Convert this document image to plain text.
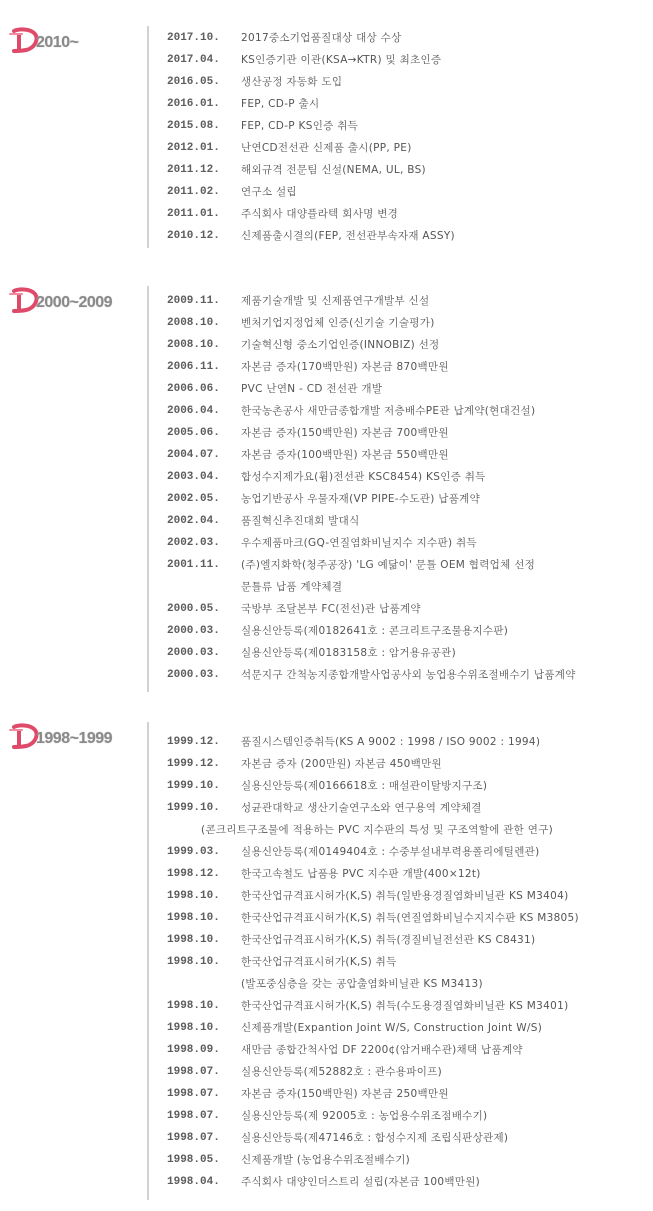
2010~	2017.10. 2017중소기업품질대상 대상 수상
2017.04. KS인증기관 이관(KSA→KTR) 및 최초인증
2016.05. 생산공정 자동화 도입
2016.01. FEP, CD-P 출시
2015.08. FEP, CD-P KS인증 취득
2012.01. 난연CD전선관 신제품 출시(PP, PE)
2011.12. 해외규격 전문팀 신설(NEMA, UL, BS)
2011.02. 연구소 설립
2011.01. 주식회사 대양플라텍 회사명 변경
2010.12. 신제품출시결의(FEP, 전선관부속자재 ASSY)
2000~2009	2009.11. 제품기술개발 및 신제품연구개발부 신설
2008.10. 벤처기업지정업체 인증(신기술 기술평가)
2008.10. 기술혁신형 중소기업인증(INNOBIZ) 선정
2006.11. 자본금 증자(170백만원) 자본금 870백만원
2006.06. PVC 난연N - CD 전선관 개발
2006.04. 한국농촌공사 새만금종합개발 저층배수PE관 납계약(현대건설)
2005.06. 자본금 증자(150백만원) 자본금 700백만원
2004.07. 자본금 증자(100백만원) 자본금 550백만원
2003.04. 합성수지제가요(휨)전선관 KSC8454) KS인증 취득
2002.05. 농업기반공사 우물자재(VP PIPE-수도관) 납품계약
2002.04. 품질혁신추진대회 발대식
2002.03. 우수제품마크(GQ-연질염화비닐지수 지수판) 취득
2001.11. (주)엘지화학(청주공장) 'LG 예닮이' 문틀 OEM 협력업체 선정
문틀류 납품 계약체결
2000.05. 국방부 조달본부 FC(전선)관 납품계약
2000.03. 실용신안등록(제0182641호 : 콘크리트구조물용지수판)
2000.03. 실용신안등록(제0183158호 : 암거용유공관)
2000.03. 석문지구 간척농지종합개발사업공사외 농업용수위조절배수기 납품계약
1998~1999	1999.12. 품질시스템인증취득(KS A 9002 : 1998 / ISO 9002 : 1994)
1999.12. 자본금 증자 (200만원) 자본금 450백만원
1999.10. 실용신안등록(제0166618호 : 매설관이탈방지구조)
1999.10. 성균관대학교 생산기술연구소와 연구용역 계약체결
(콘크리트구조물에 적용하는 PVC 지수판의 특성 및 구조역할에 관한 연구)
1999.03. 실용신안등록(제0149404호 : 수중부설내부력용폴리에틸렌관)
1998.12. 한국고속철도 납품용 PVC 지수판 개발(400×12t)
1998.10. 한국산업규격표시허가(K,S) 취득(일반용경질염화비닐관 KS M3404)
1998.10. 한국산업규격표시허가(K,S) 취득(연질염화비닐수지지수판 KS M3805)
1998.10. 한국산업규격표시허가(K,S) 취득(경질비닐전선관 KS C8431)
1998.10. 한국산업규격표시허가(K,S) 취득
(발포중심층을 갖는 공압출염화비닐관 KS M3413)
1998.10. 한국산업규격표시허가(K,S) 취득(수도용경질염화비닐관 KS M3401)
1998.10. 신제품개발(Expantion Joint W/S, Construction Joint W/S)
1998.09. 새만금 종합간척사업 DF 2200¢(암거배수관)채택 납품계약
1998.07. 실용신안등록(제52882호 : 관수용파이프)
1998.07. 자본금 증자(150백만원) 자본금 250백만원
1998.07. 실용신안등록(제 92005호 : 농업용수위조점배수기)
1998.07. 실용신안등록(제47146호 : 합성수지제 조립식판상관제)
1998.05. 신제품개발 (농업용수위조절배수기)
1998.04. 주식회사 대양인더스트리 설립(자본금 100백만원)
